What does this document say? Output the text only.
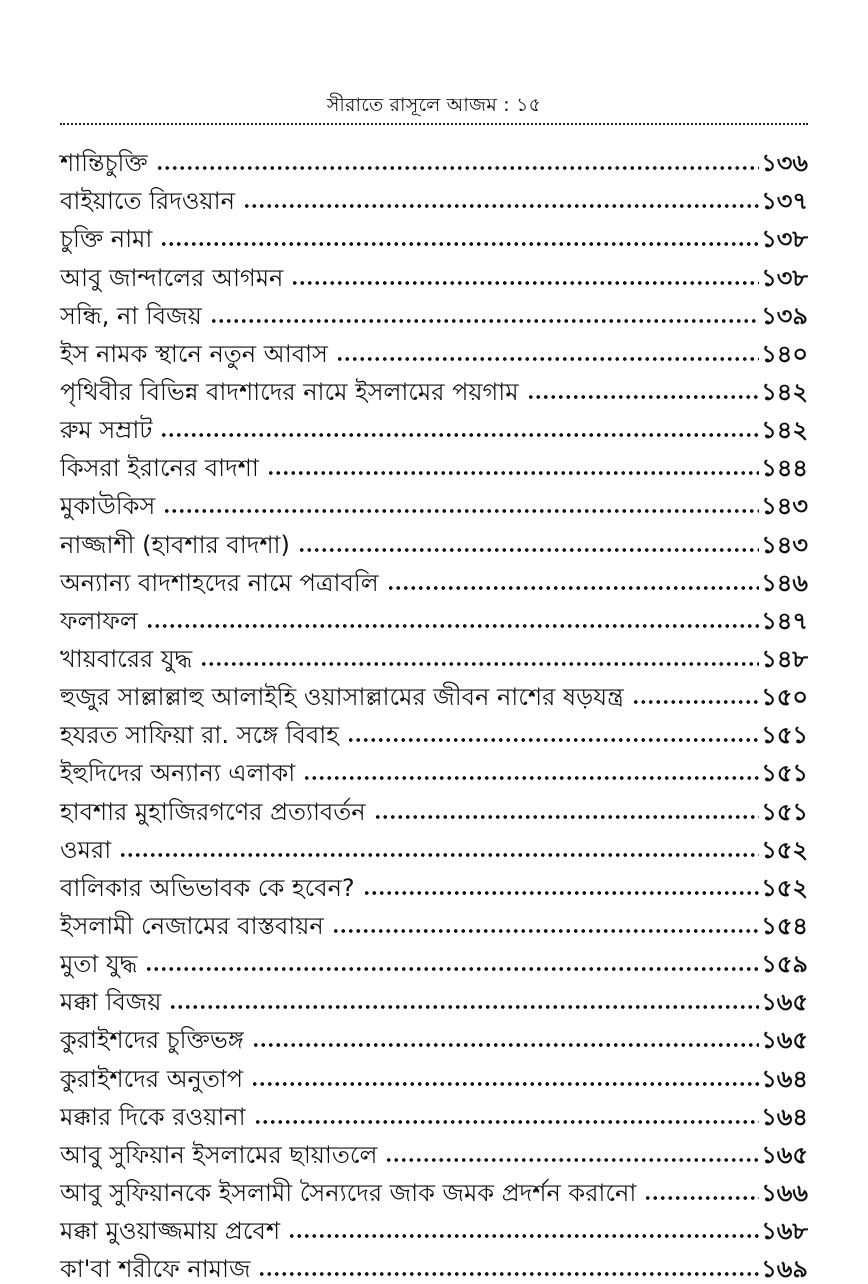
সীরাতে রাসূলে আজম : ১৫
শান্তিচুক্তি	১৩৬
বাইয়াতে রিদওয়ান	১৩৭
চুক্তি নামা	১৩৮
আবু জান্দালের আগমন	১৩৮
সন্ধি, না বিজয়	১৩৯
ইস নামক স্থানে নতুন আবাস	১৪০
পৃথিবীর বিভিন্ন বাদশাদের নামে ইসলামের পয়গাম	১৪২
রুম সম্রাট	১৪২
কিসরা ইরানের বাদশা	১৪৪
মুকাউকিস	১৪৩
নাজ্জাশী (হাবশার বাদশা)	১৪৩
অন্যান্য বাদশাহদের নামে পত্রাবলি	১৪৬
ফলাফল	১৪৭
খায়বারের যুদ্ধ	১৪৮
হুজুর সাল্লাল্লাহু আলাইহি ওয়াসাল্লামের জীবন নাশের ষড়যন্ত্র	১৫০
হযরত সাফিয়া রা. সঙ্গে বিবাহ	১৫১
ইহুদিদের অন্যান্য এলাকা	১৫১
হাবশার মুহাজিরগণের প্রত্যাবর্তন	১৫১
ওমরা	১৫২
বালিকার অভিভাবক কে হবেন?	১৫২
ইসলামী নেজামের বাস্তবায়ন	১৫৪
মুতা যুদ্ধ	১৫৯
মক্কা বিজয়	১৬৫
কুরাইশদের চুক্তিভঙ্গ	১৬৫
কুরাইশদের অনুতাপ	১৬৪
মক্কার দিকে রওয়ানা	১৬৪
আবু সুফিয়ান ইসলামের ছায়াতলে	১৬৫
আবু সুফিয়ানকে ইসলামী সৈন্যদের জাক জমক প্রদর্শন করানো	১৬৬
মক্কা মুওয়াজ্জমায় প্রবেশ	১৬৮
কা'বা শরীফে নামাজ	১৬৯
